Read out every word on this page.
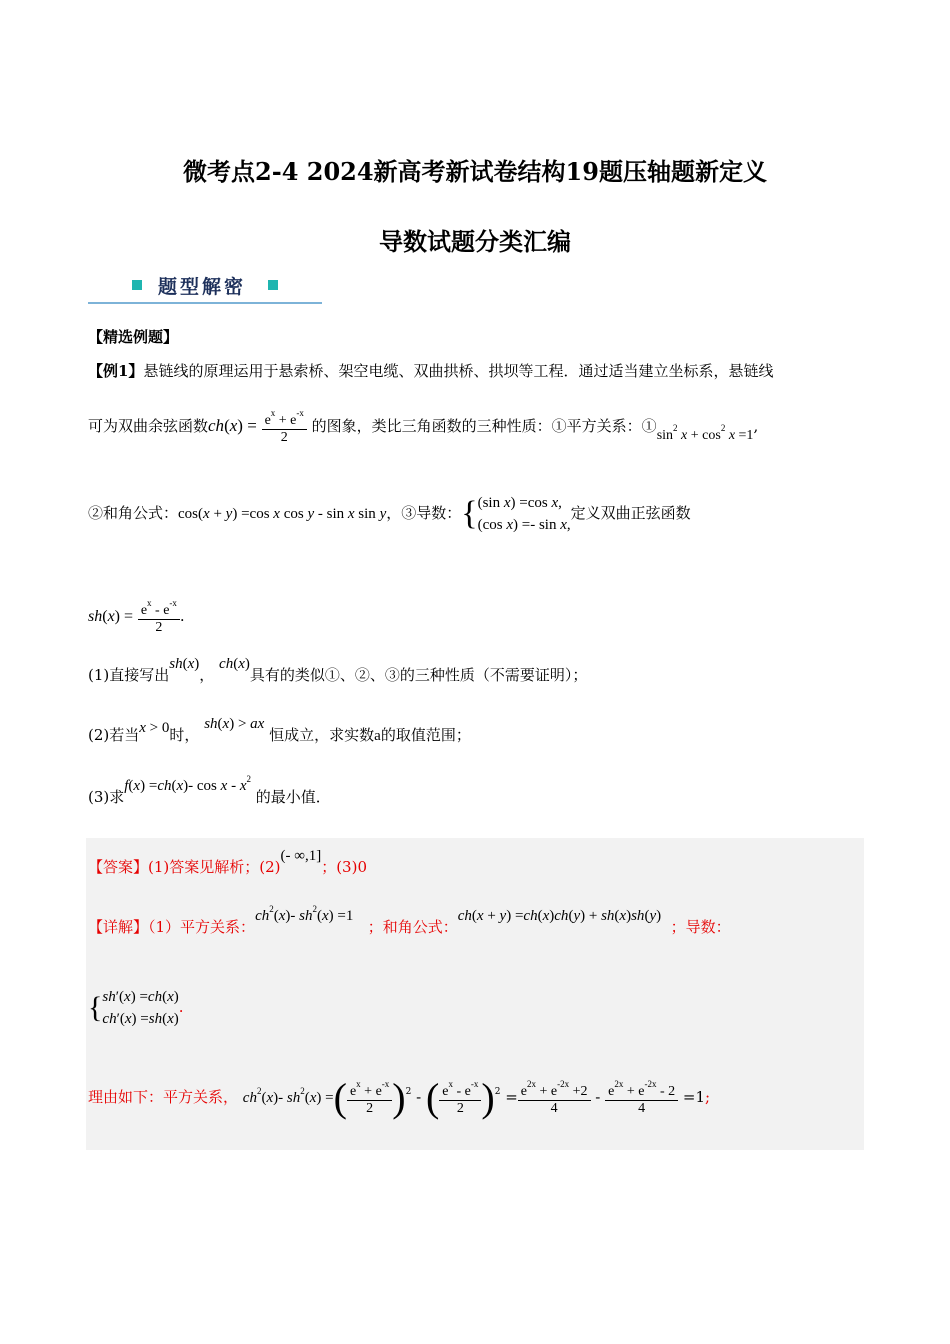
微考点2-4 2024新高考新试卷结构19题压轴题新定义
导数试题分类汇编
题型解密
【精选例题】
【例1】悬链线的原理运用于悬索桥、架空电缆、双曲拱桥、拱坝等工程．通过适当建立坐标系，悬链线
可为双曲余弦函数$ch(x) = \frac{e^x + e^{-x}}{2}$ 的图象，类比三角函数的三种性质：①平方关系：$①\sin^2$ $x + \cos^2 x =1$,
②和角公式：cos(x + y) =cos x cos y - sin x sin y，③导数：{ (sin x) =cos x,
(cos x) =- sin x,
定义双曲正弦函数
$sh(x) = \frac{e^x - e^{-x}}{2}$ .
(1)直接写出sh(x)， ch(x)具有的类似①、②、③的三种性质（不需要证明）；
(2)若当x > 0时， sh(x) > ax 恒成立，求实数a的取值范围；
(3)求f(x) =ch(x)- cos x - $x^2$ 的最小值．
【答案】(1)答案见解析；(2)(- ∞,1]；(3)0
【详解】（1）平方关系：$ch^2(x)-$ $sh^2(x) =1$   ；和角公式：ch(x + y) =ch(x)ch(y) + sh(x)sh(y)  ；导数：
{ sh′(x) =ch(x)
ch′(x) =sh(x)
.
理由如下：平方关系， $ch^2(x)-$ $sh^2(x)$ =( $\frac{e^x + e^{-x}}{2} )^2$ - ( $\frac{e^x - e^{-x}}{2} )^2 = \frac{e^{2x} + e^{-2x} +2}{4} - \frac{e^{2x} + e^{-2x} - 2}{4} =1$;
